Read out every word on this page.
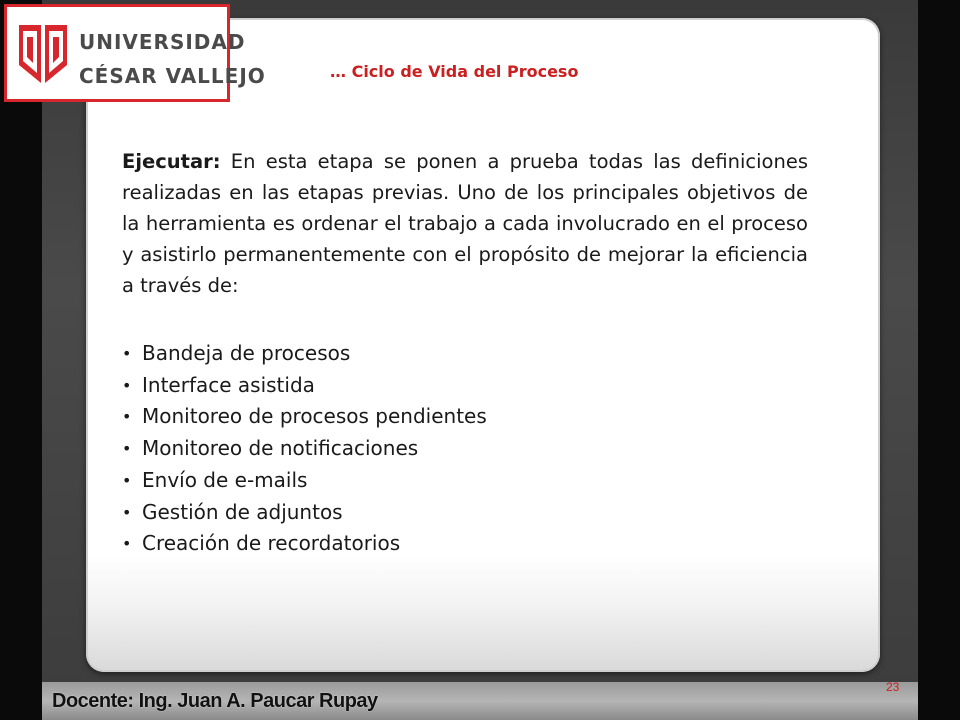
UNIVERSIDAD
CÉSAR VALLEJO	… Ciclo de Vida del Proceso
Ejecutar: En esta etapa se ponen a prueba todas las definiciones realizadas en las etapas previas. Uno de los principales objetivos de la herramienta es ordenar el trabajo a cada involucrado en el proceso y asistirlo permanentemente con el propósito de mejorar la eficiencia a través de:
• Bandeja de procesos
• Interface asistida
• Monitoreo de procesos pendientes
• Monitoreo de notificaciones
• Envío de e-mails
• Gestión de adjuntos
• Creación de recordatorios
Docente: Ing. Juan A. Paucar Rupay
23
